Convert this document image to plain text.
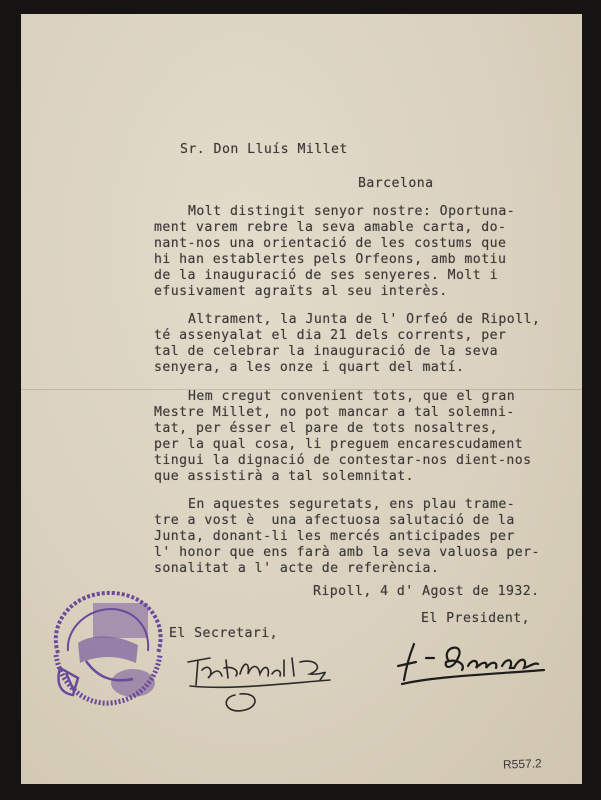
Sr. Don Lluís Millet
Barcelona
Molt distingit senyor nostre: Oportuna-
ment varem rebre la seva amable carta, do-
nant-nos una orientació de les costums que
hi han establertes pels Orfeons, amb motiu
de la inauguració de ses senyeres. Molt i
efusivament agraïts al seu interès.
Altrament, la Junta de l' Orfeó de Ripoll,
té assenyalat el dia 21 dels corrents, per
tal de celebrar la inauguració de la seva
senyera, a les onze i quart del matí.
Hem cregut convenient tots, que el gran
Mestre Millet, no pot mancar a tal solemni-
tat, per ésser el pare de tots nosaltres,
per la qual cosa, li preguem encarescudament
tingui la dignació de contestar-nos dient-nos
que assistirà a tal solemnitat.
En aquestes seguretats, ens plau trame-
tre a vost è  una afectuosa salutació de la
Junta, donant-li les mercés anticipades per
l' honor que ens farà amb la seva valuosa per-
sonalitat a l' acte de referència.
Ripoll, 4 d' Agost de 1932.
El President,
El Secretari,
R557.2
